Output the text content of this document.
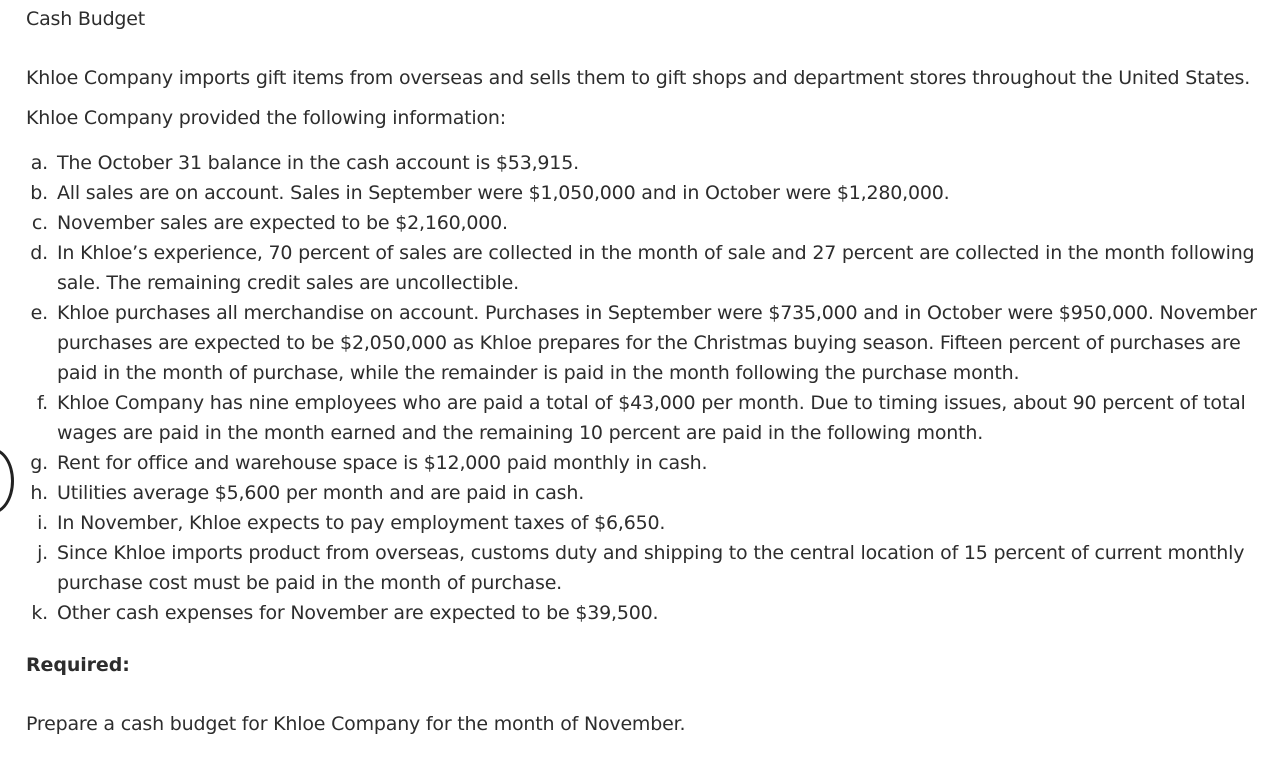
Cash Budget
Khloe Company imports gift items from overseas and sells them to gift shops and department stores throughout the United States. Khloe Company provided the following information:
a. The October 31 balance in the cash account is $53,915.
b. All sales are on account. Sales in September were $1,050,000 and in October were $1,280,000.
c. November sales are expected to be $2,160,000.
d. In Khloe’s experience, 70 percent of sales are collected in the month of sale and 27 percent are collected in the month following sale. The remaining credit sales are uncollectible.
e. Khloe purchases all merchandise on account. Purchases in September were $735,000 and in October were $950,000. November purchases are expected to be $2,050,000 as Khloe prepares for the Christmas buying season. Fifteen percent of purchases are paid in the month of purchase, while the remainder is paid in the month following the purchase month.
f. Khloe Company has nine employees who are paid a total of $43,000 per month. Due to timing issues, about 90 percent of total wages are paid in the month earned and the remaining 10 percent are paid in the following month.
g. Rent for office and warehouse space is $12,000 paid monthly in cash.
h. Utilities average $5,600 per month and are paid in cash.
i. In November, Khloe expects to pay employment taxes of $6,650.
j. Since Khloe imports product from overseas, customs duty and shipping to the central location of 15 percent of current monthly purchase cost must be paid in the month of purchase.
k. Other cash expenses for November are expected to be $39,500.
Required:
Prepare a cash budget for Khloe Company for the month of November.
